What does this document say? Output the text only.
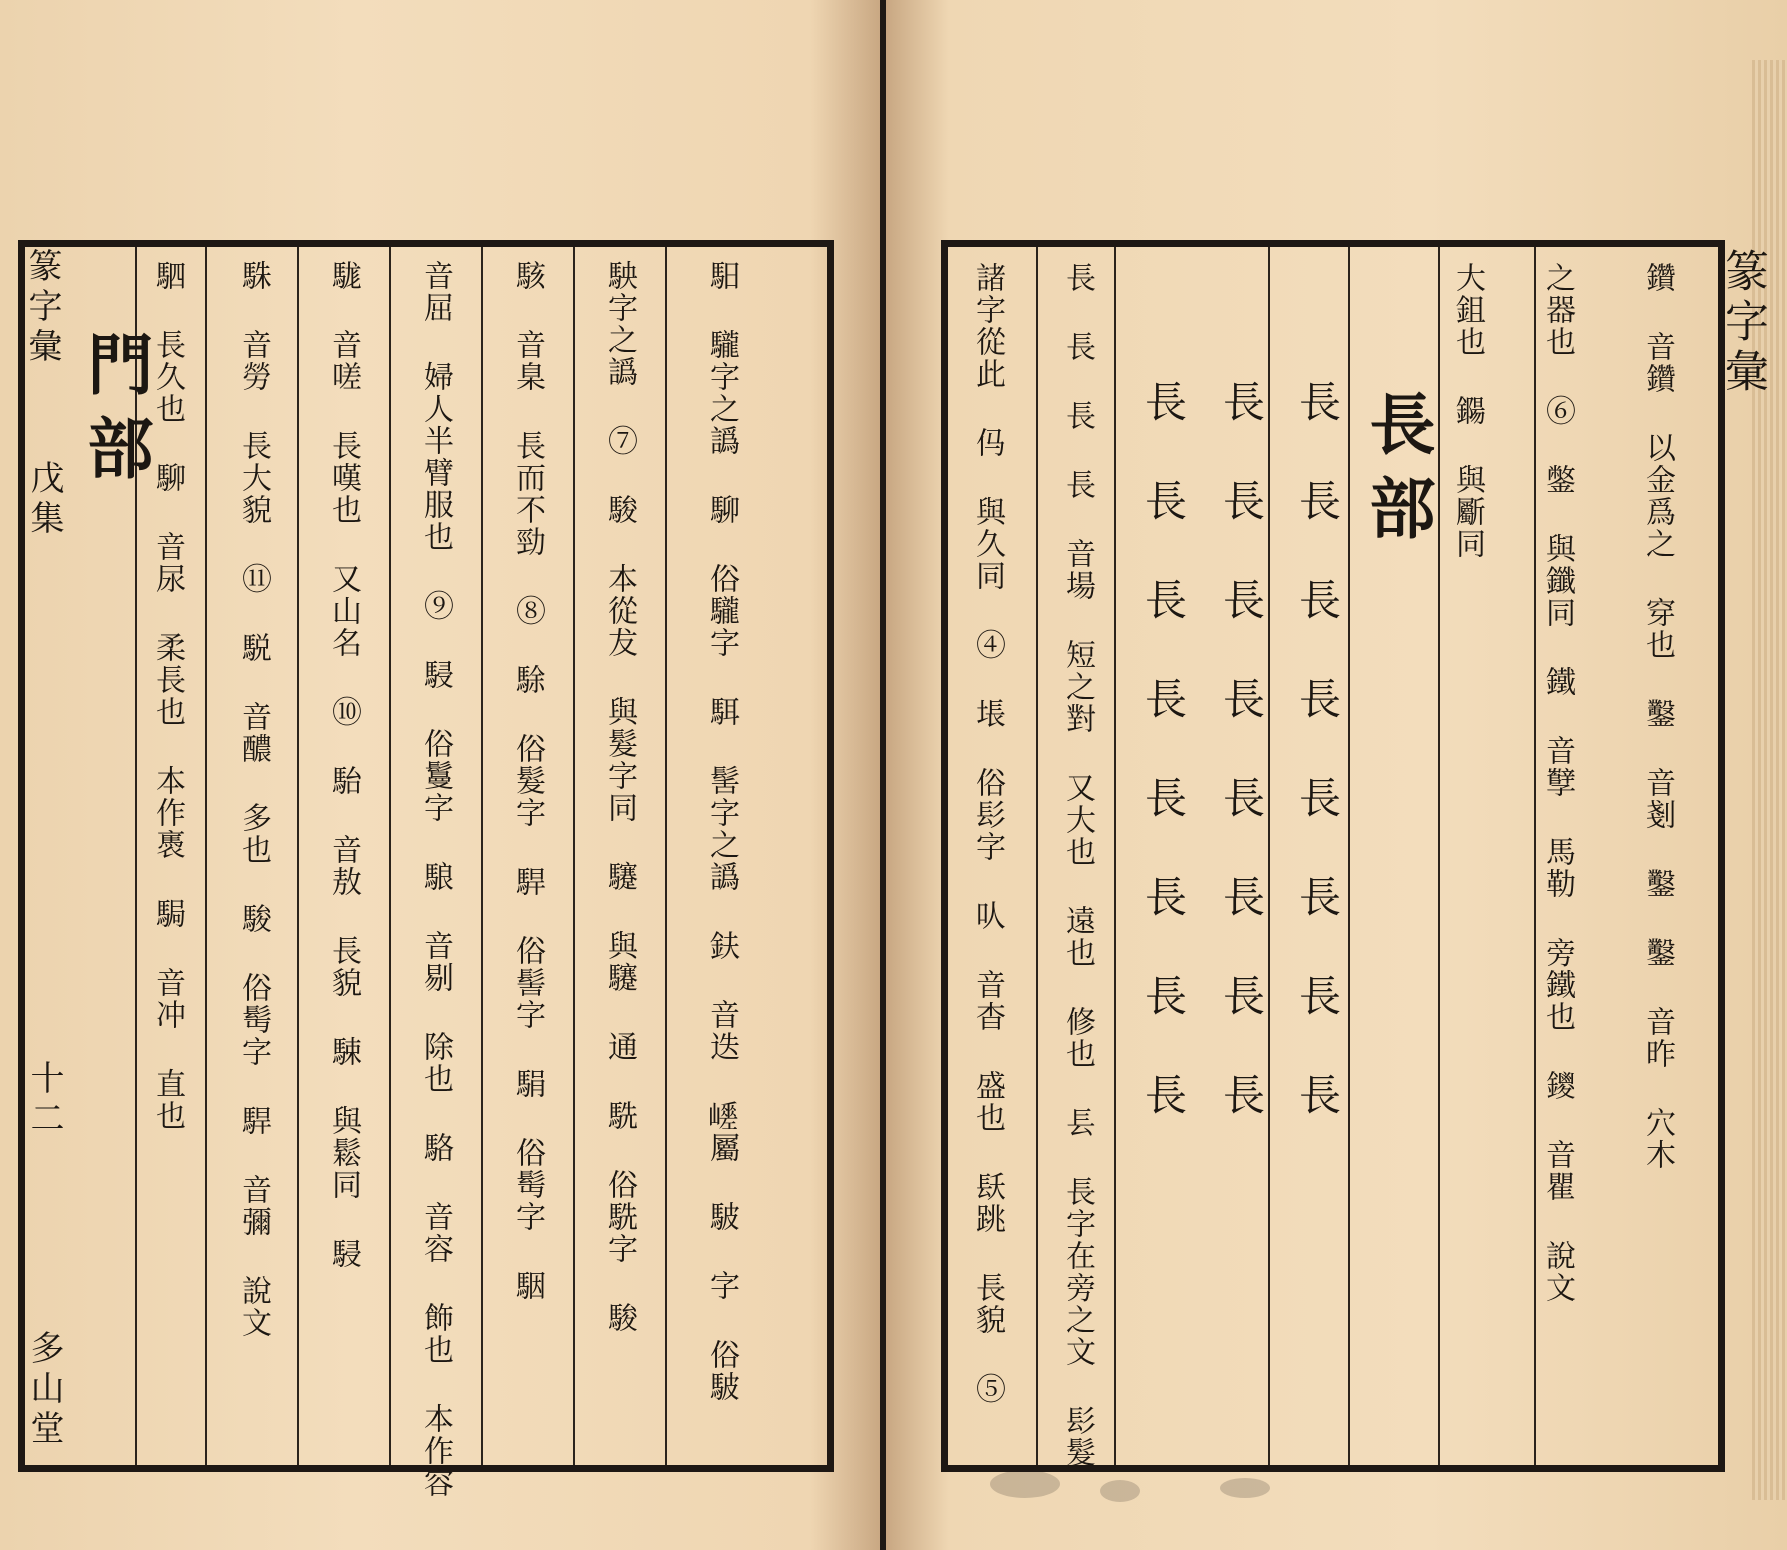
篆字彙
戊集
十二
多山堂
門部
駟 長久也 駠 音尿 柔長也 本作褭 駶 音冲 直也 駯 音勞 長大貌 ⑪ 駾 音醲 多也 駿 俗髩字 駻 音彌 說文 駹 音嗟 長嘆也 又山名 ⑩ 駘 音敖 長貌 駷 與鬆同 駸 音屈 婦人半臂服也 ⑨ 駸 俗鬘字 駺 音剔 除也 駱 音容 飾也 本作容 駭 音臬 長而不勁 ⑧ 駼 俗髮字 駻 俗髻字 駽 俗髩字 駰 駚字之譌 ⑦ 駿 本從犮 與髮字同 䮿 與䮿 通 駪 俗駪字 駿 馹 䮾字之譌 駠 俗䮾字 駬 髺字之譌 鈇 音迭 𡾑屬 駊 字 俗駊	篆字彙
長部
諸字從此 㐷 與久同 ④ 㙊 俗髟字 㕥 音杳 盛也 镺跳 長貌 ⑤ 長 長 長 長 音場 短之對 又大也 遠也 修也 镸 長字在旁之文 髟髮 長 長 長 長 長 長 長 長 長 長 長 長 長 長 長 長 長 長 長 長 長 長 長 長	大鉏也 鐊 與斸同 之器也 ⑥ 鐅 與鑯同 鐵 音孼 馬勒 旁鐵也 鑁 音瞿 說文 鑽 音鑽 以金爲之 穿也 鑿 音剗 鑿 鑿 音昨 穴木
